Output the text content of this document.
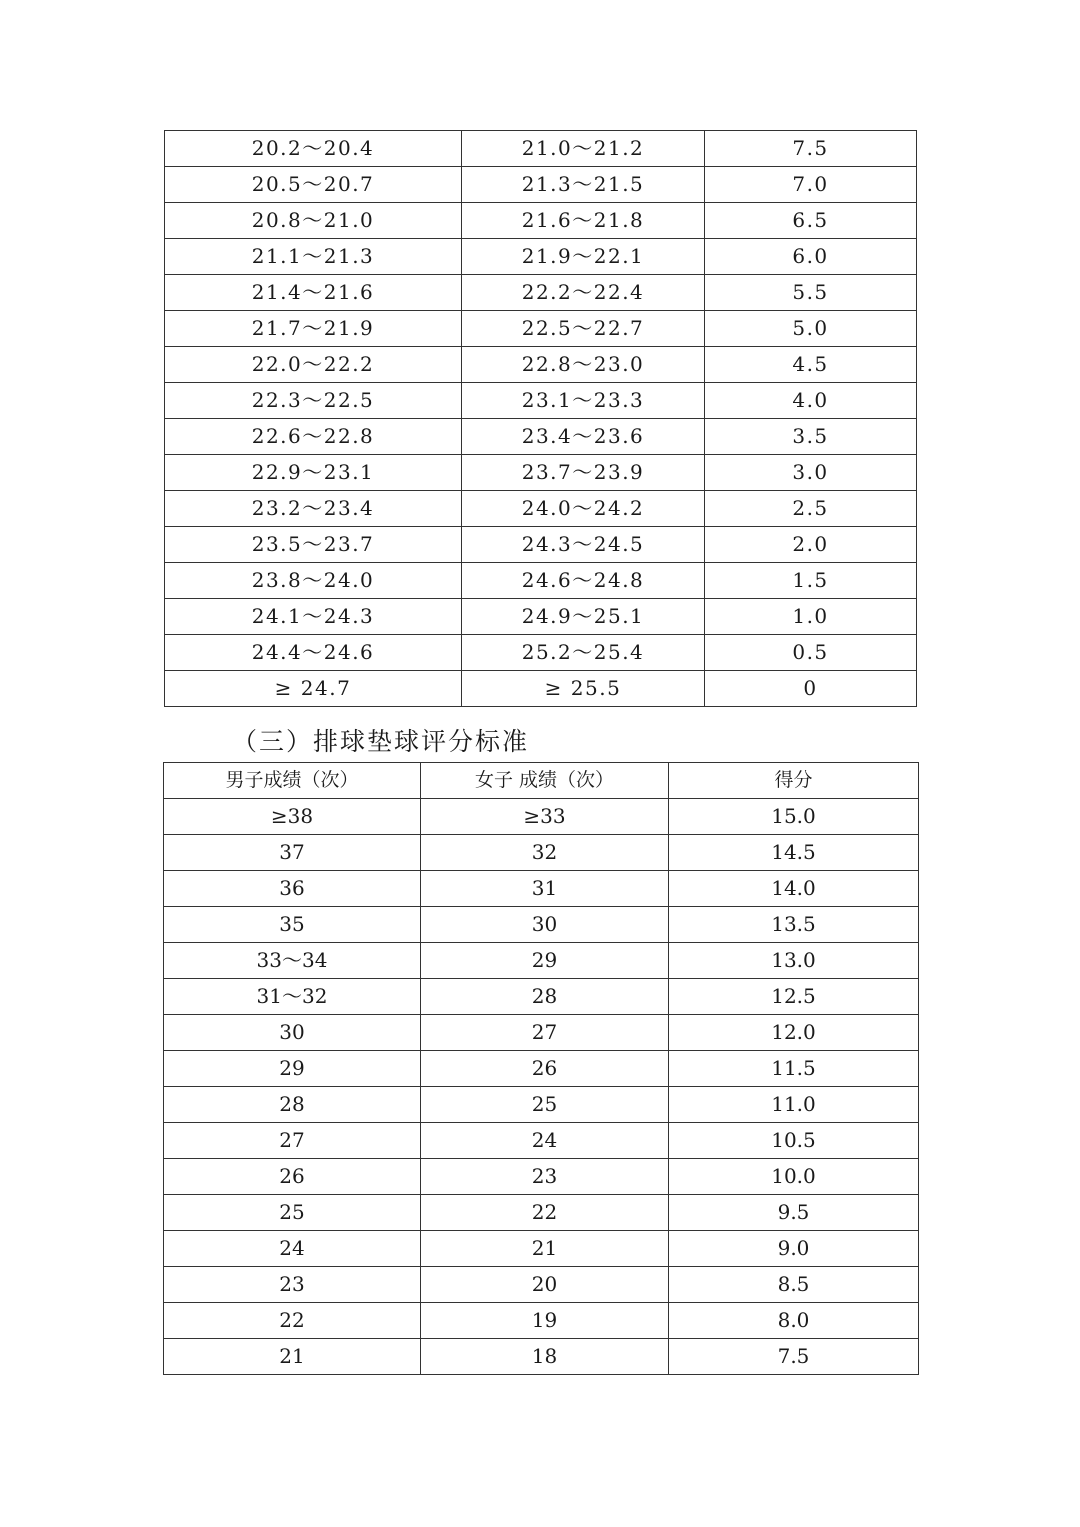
20.2～20.4	21.0～21.2	7.5
20.5～20.7	21.3～21.5	7.0
20.8～21.0	21.6～21.8	6.5
21.1～21.3	21.9～22.1	6.0
21.4～21.6	22.2～22.4	5.5
21.7～21.9	22.5～22.7	5.0
22.0～22.2	22.8～23.0	4.5
22.3～22.5	23.1～23.3	4.0
22.6～22.8	23.4～23.6	3.5
22.9～23.1	23.7～23.9	3.0
23.2～23.4	24.0～24.2	2.5
23.5～23.7	24.3～24.5	2.0
23.8～24.0	24.6～24.8	1.5
24.1～24.3	24.9～25.1	1.0
24.4～24.6	25.2～25.4	0.5
≥ 24.7	≥ 25.5	0
（三）排球垫球评分标准
男子成绩（次）	女子 成绩（次）	得分
≥38	≥33	15.0
37	32	14.5
36	31	14.0
35	30	13.5
33～34	29	13.0
31～32	28	12.5
30	27	12.0
29	26	11.5
28	25	11.0
27	24	10.5
26	23	10.0
25	22	9.5
24	21	9.0
23	20	8.5
22	19	8.0
21	18	7.5
